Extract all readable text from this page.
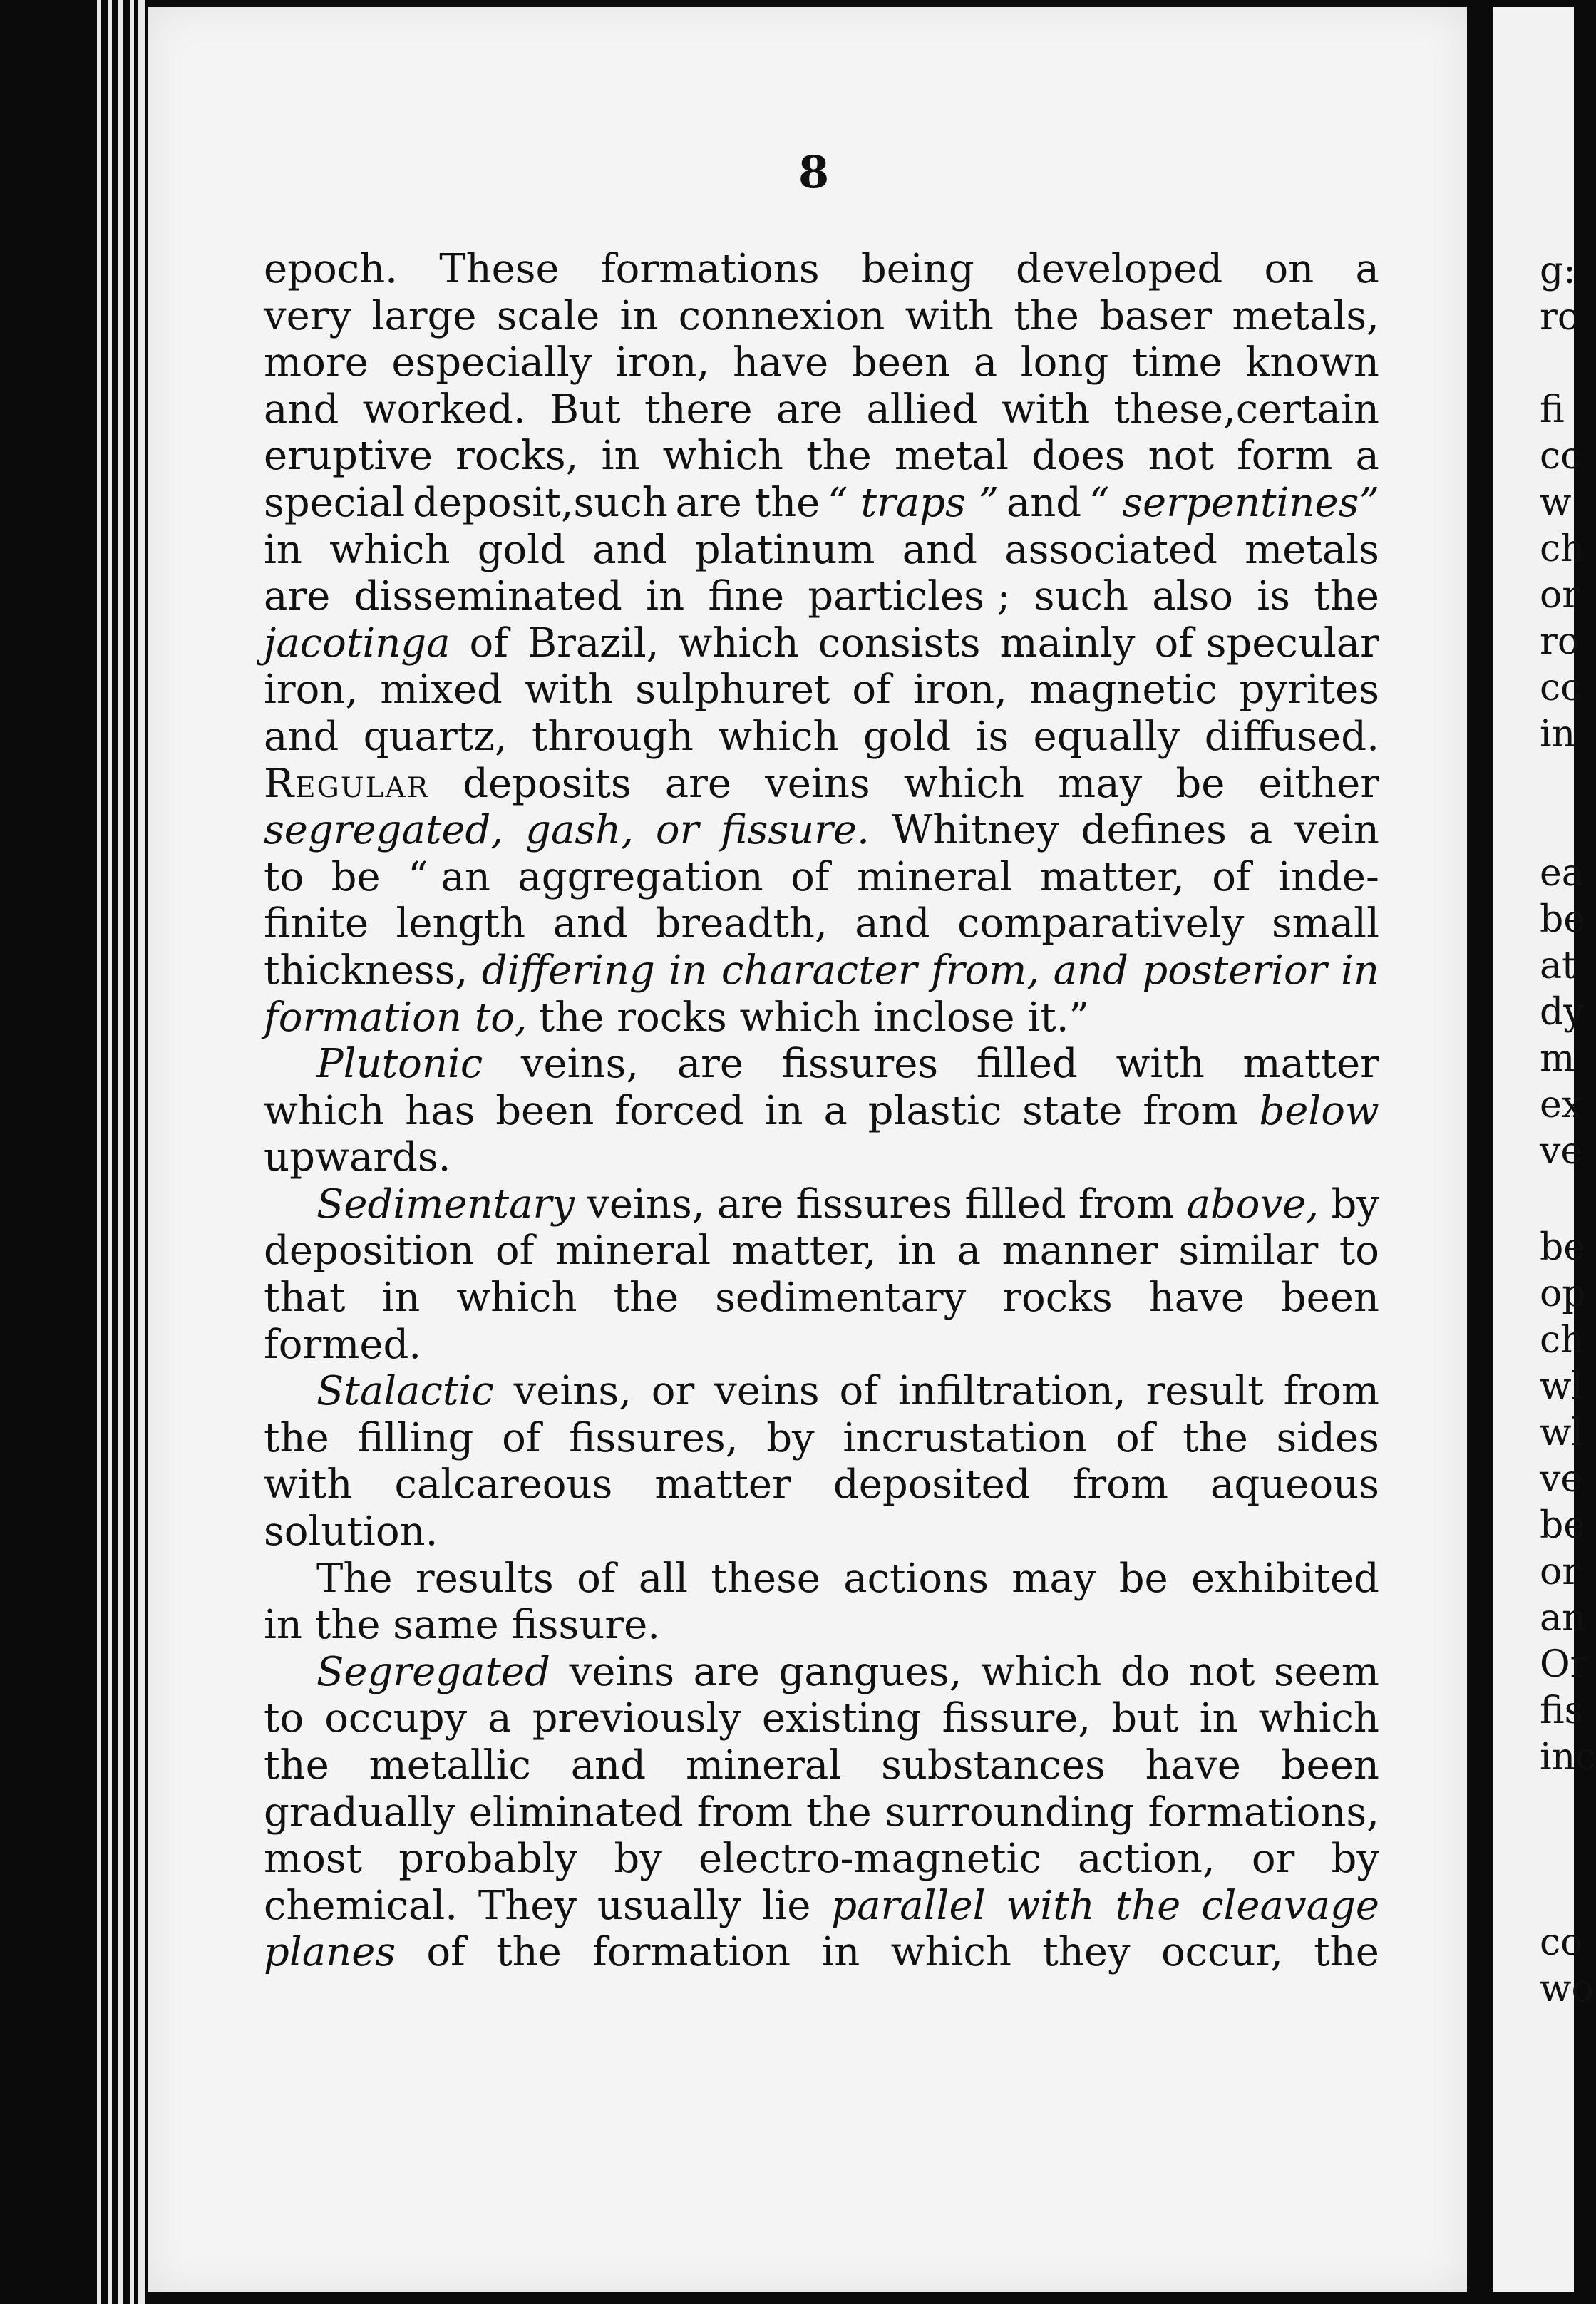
8
epoch. These formations being developed on a
very large scale in connexion with the baser metals,
more especially iron, have been a long time known
and worked. But there are allied with these,certain
eruptive rocks, in which the metal does not form a
special deposit,such are the “ traps ” and “ serpentines”
in which gold and platinum and associated metals
are disseminated in fine particles ; such also is the
jacotinga of Brazil, which consists mainly of specular
iron, mixed with sulphuret of iron, magnetic pyrites
and quartz, through which gold is equally diffused.
Regular deposits are veins which may be either
segregated, gash, or fissure. Whitney defines a vein
to be “ an aggregation of mineral matter, of inde-
finite length and breadth, and comparatively small
thickness, differing in character from, and posterior in
formation to, the rocks which inclose it.”
Plutonic veins, are fissures filled with matter
which has been forced in a plastic state from below
upwards.
Sedimentary veins, are fissures filled from above, by
deposition of mineral matter, in a manner similar to
that in which the sedimentary rocks have been
formed.
Stalactic veins, or veins of infiltration, result from
the filling of fissures, by incrustation of the sides
with calcareous matter deposited from aqueous
solution.
The results of all these actions may be exhibited
in the same fissure.
Segregated veins are gangues, which do not seem
to occupy a previously existing fissure, but in which
the metallic and mineral substances have been
gradually eliminated from the surrounding formations,
most probably by electro-magnetic action, or by
chemical. They usually lie parallel with the cleavage
planes of the formation in which they occur, the
g:
rc
fi
cc
w
ch
or
ro
cc
in
ea
be
at
dy
m
ex
ve
be
op
ch
wl
wl
ve
be
or
an
Or
fis
inc
co
wo
